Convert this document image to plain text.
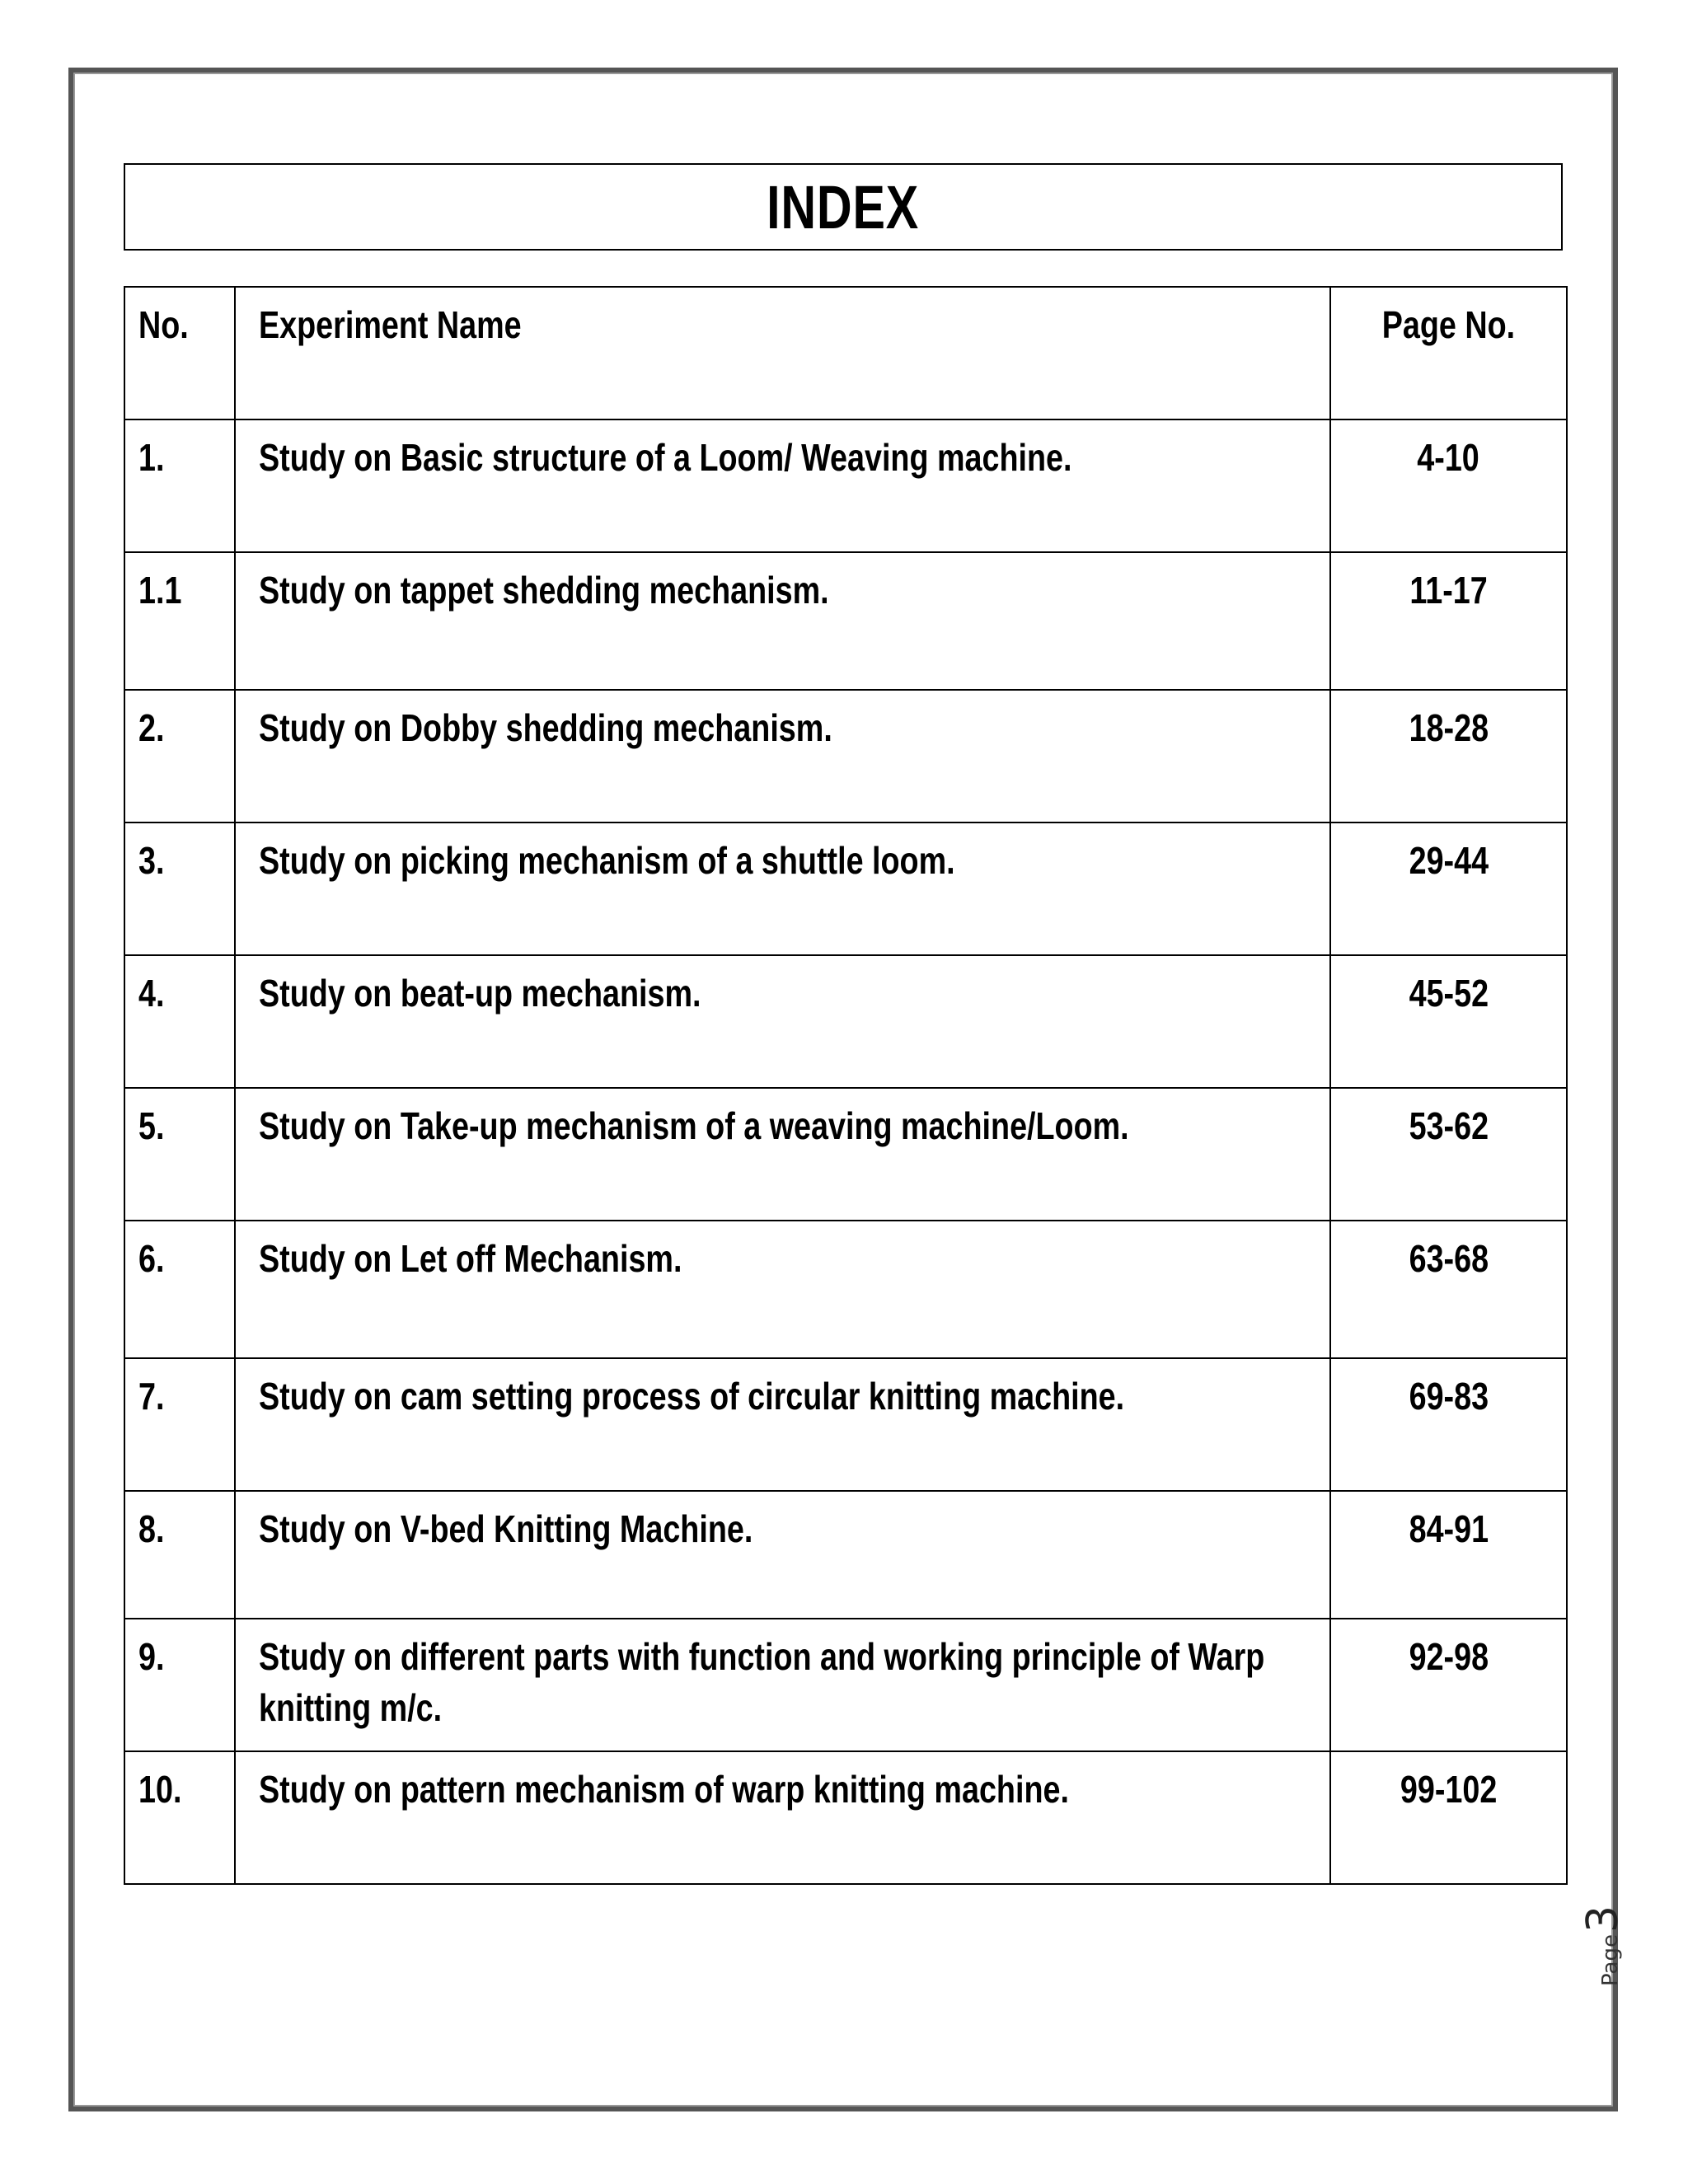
INDEX
No.	Experiment Name	Page No.
1.	Study on Basic structure of a Loom/ Weaving machine.	4-10
1.1	Study on tappet shedding mechanism.	11-17
2.	Study on Dobby shedding mechanism.	18-28
3.	Study on picking mechanism of a shuttle loom.	29-44
4.	Study on beat-up mechanism.	45-52
5.	Study on Take-up mechanism of a weaving machine/Loom.	53-62
6.	Study on Let off Mechanism.	63-68
7.	Study on cam setting process of circular knitting machine.	69-83
8.	Study on V-bed Knitting Machine.	84-91
9.	Study on different parts with function and working principle of Warp knitting m/c.	92-98
10.	Study on pattern mechanism of warp knitting machine.	99-102
Page
3
